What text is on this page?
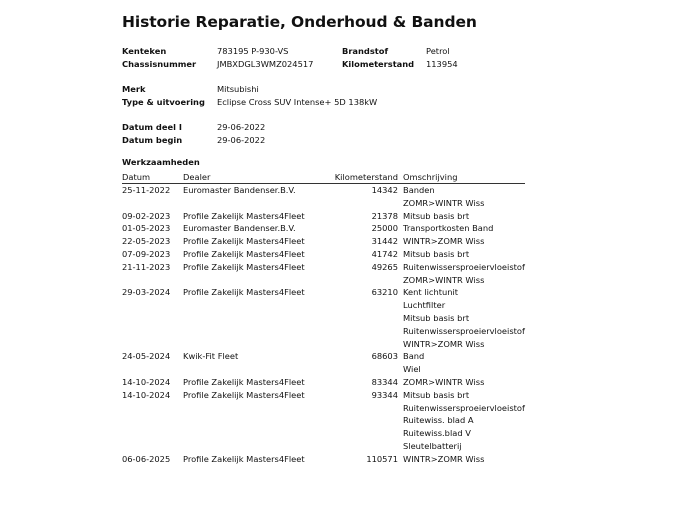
Historie Reparatie, Onderhoud & Banden
Kenteken	783195 P-930-VS
Chassisnummer	JMBXDGL3WMZ024517
Brandstof	Petrol
Kilometerstand 113954
Merk	Mitsubishi
Type & uitvoering Eclipse Cross SUV Intense+ 5D 138kW
Datum deel I	29-06-2022
Datum begin	29-06-2022
Werkzaamheden
Datum	Dealer	Kilometerstand Omschrijving
25-11-2022 Euromaster Bandenser.B.V.	14342 Banden
ZOMR>WINTR Wiss
09-02-2023 Profile Zakelijk Masters4Fleet	21378 Mitsub basis brt
01-05-2023 Euromaster Bandenser.B.V.	25000 Transportkosten Band
22-05-2023 Profile Zakelijk Masters4Fleet	31442 WINTR>ZOMR Wiss
07-09-2023 Profile Zakelijk Masters4Fleet	41742 Mitsub basis brt
21-11-2023 Profile Zakelijk Masters4Fleet	49265 Ruitenwissersproeiervloeistof
ZOMR>WINTR Wiss
29-03-2024 Profile Zakelijk Masters4Fleet	63210 Kent lichtunit
Luchtfilter
Mitsub basis brt
Ruitenwissersproeiervloeistof
WINTR>ZOMR Wiss
24-05-2024 Kwik-Fit Fleet	68603 Band
Wiel
14-10-2024 Profile Zakelijk Masters4Fleet	83344 ZOMR>WINTR Wiss
14-10-2024 Profile Zakelijk Masters4Fleet	93344 Mitsub basis brt
Ruitenwissersproeiervloeistof
Ruitewiss. blad A
Ruitewiss.blad V
Sleutelbatterij
06-06-2025 Profile Zakelijk Masters4Fleet	110571 WINTR>ZOMR Wiss
